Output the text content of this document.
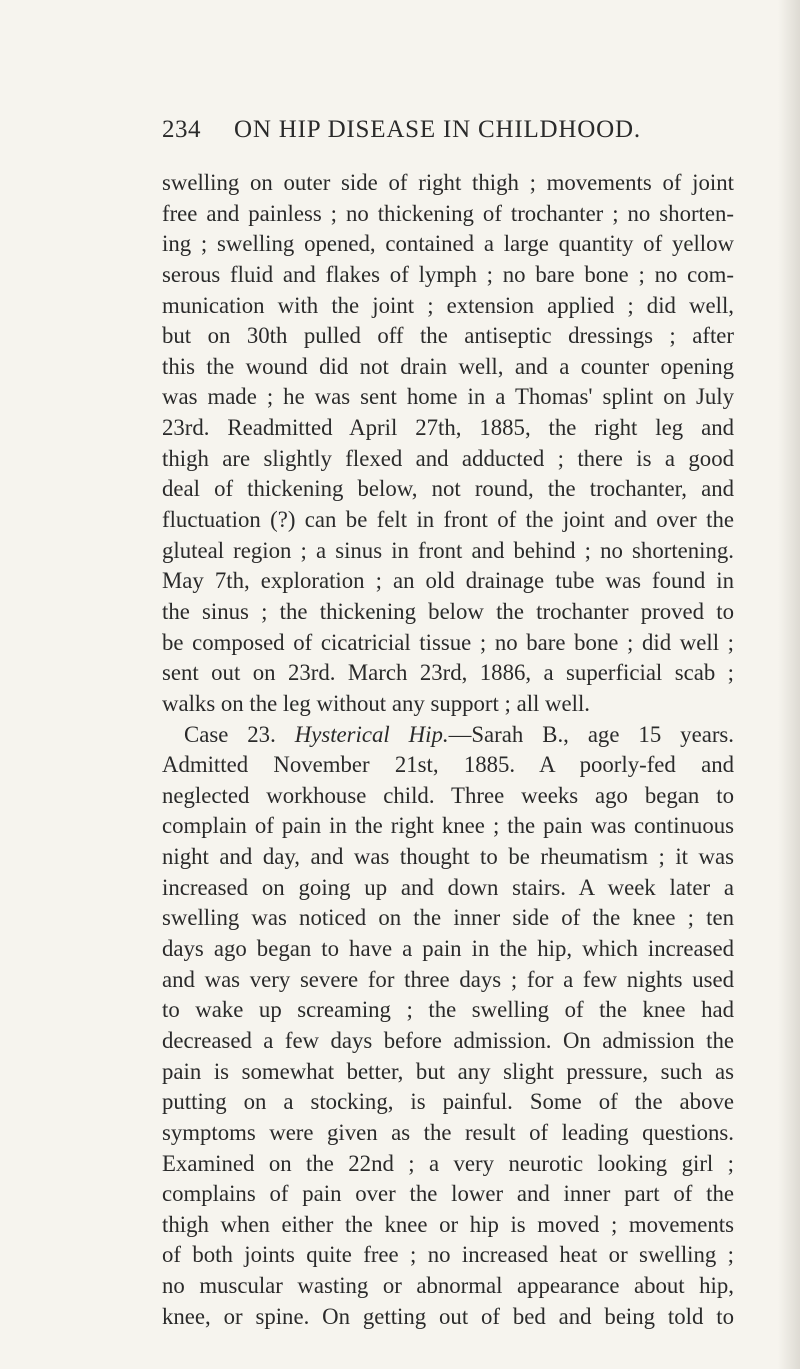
234 ON HIP DISEASE IN CHILDHOOD.
swelling on outer side of right thigh ; movements of joint
free and painless ; no thickening of trochanter ; no shorten-
ing ; swelling opened, contained a large quantity of yellow
serous fluid and flakes of lymph ; no bare bone ; no com-
munication with the joint ; extension applied ; did well,
but on 30th pulled off the antiseptic dressings ; after
this the wound did not drain well, and a counter opening
was made ; he was sent home in a Thomas' splint on July
23rd. Readmitted April 27th, 1885, the right leg and
thigh are slightly flexed and adducted ; there is a good
deal of thickening below, not round, the trochanter, and
fluctuation (?) can be felt in front of the joint and over the
gluteal region ; a sinus in front and behind ; no shortening.
May 7th, exploration ; an old drainage tube was found in
the sinus ; the thickening below the trochanter proved to
be composed of cicatricial tissue ; no bare bone ; did well ;
sent out on 23rd. March 23rd, 1886, a superficial scab ;
walks on the leg without any support ; all well.
Case 23. Hysterical Hip.—Sarah B., age 15 years.
Admitted November 21st, 1885. A poorly-fed and
neglected workhouse child. Three weeks ago began to
complain of pain in the right knee ; the pain was continuous
night and day, and was thought to be rheumatism ; it was
increased on going up and down stairs. A week later a
swelling was noticed on the inner side of the knee ; ten
days ago began to have a pain in the hip, which increased
and was very severe for three days ; for a few nights used
to wake up screaming ; the swelling of the knee had
decreased a few days before admission. On admission the
pain is somewhat better, but any slight pressure, such as
putting on a stocking, is painful. Some of the above
symptoms were given as the result of leading questions.
Examined on the 22nd ; a very neurotic looking girl ;
complains of pain over the lower and inner part of the
thigh when either the knee or hip is moved ; movements
of both joints quite free ; no increased heat or swelling ;
no muscular wasting or abnormal appearance about hip,
knee, or spine. On getting out of bed and being told to
